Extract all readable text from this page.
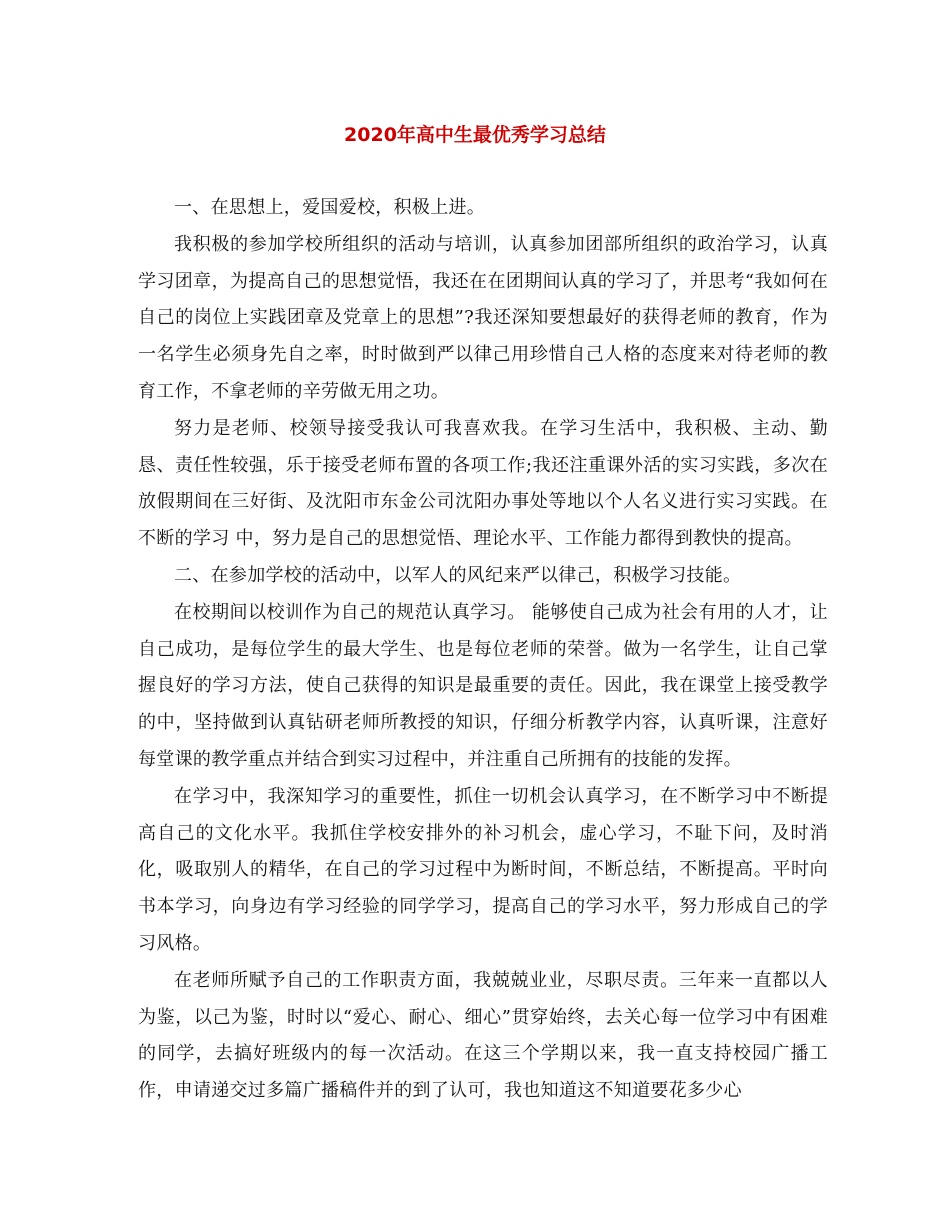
2020年高中生最优秀学习总结

一、在思想上，爱国爱校，积极上进。

我积极的参加学校所组织的活动与培训，认真参加团部所组织的政治学习，认真学习团章，为提高自己的思想觉悟，我还在在团期间认真的学习了，并思考“我如何在自己的岗位上实践团章及党章上的思想”?我还深知要想最好的获得老师的教育，作为一名学生必须身先自之率，时时做到严以律己用珍惜自己人格的态度来对待老师的教育工作，不拿老师的辛劳做无用之功。

努力是老师、校领导接受我认可我喜欢我。在学习生活中，我积极、主动、勤恳、责任性较强，乐于接受老师布置的各项工作;我还注重课外活的实习实践，多次在放假期间在三好街、及沈阳市东金公司沈阳办事处等地以个人名义进行实习实践。在不断的学习 中，努力是自己的思想觉悟、理论水平、工作能力都得到教快的提高。

二、在参加学校的活动中，以军人的风纪来严以律己，积极学习技能。

在校期间以校训作为自己的规范认真学习。 能够使自己成为社会有用的人才，让自己成功，是每位学生的最大学生、也是每位老师的荣誉。做为一名学生，让自己掌握良好的学习方法，使自己获得的知识是最重要的责任。因此，我在课堂上接受教学的中，坚持做到认真钻研老师所教授的知识，仔细分析教学内容，认真听课，注意好每堂课的教学重点并结合到实习过程中，并注重自己所拥有的技能的发挥。

在学习中，我深知学习的重要性，抓住一切机会认真学习，在不断学习中不断提高自己的文化水平。我抓住学校安排外的补习机会，虚心学习，不耻下问，及时消化，吸取别人的精华，在自己的学习过程中为断时间，不断总结，不断提高。平时向书本学习，向身边有学习经验的同学学习，提高自己的学习水平，努力形成自己的学习风格。

在老师所赋予自己的工作职责方面，我兢兢业业，尽职尽责。三年来一直都以人为鉴，以己为鉴，时时以“爱心、耐心、细心”贯穿始终，去关心每一位学习中有困难的同学，去搞好班级内的每一次活动。在这三个学期以来，我一直支持校园广播工作，申请递交过多篇广播稿件并的到了认可，我也知道这不知道要花多少心
